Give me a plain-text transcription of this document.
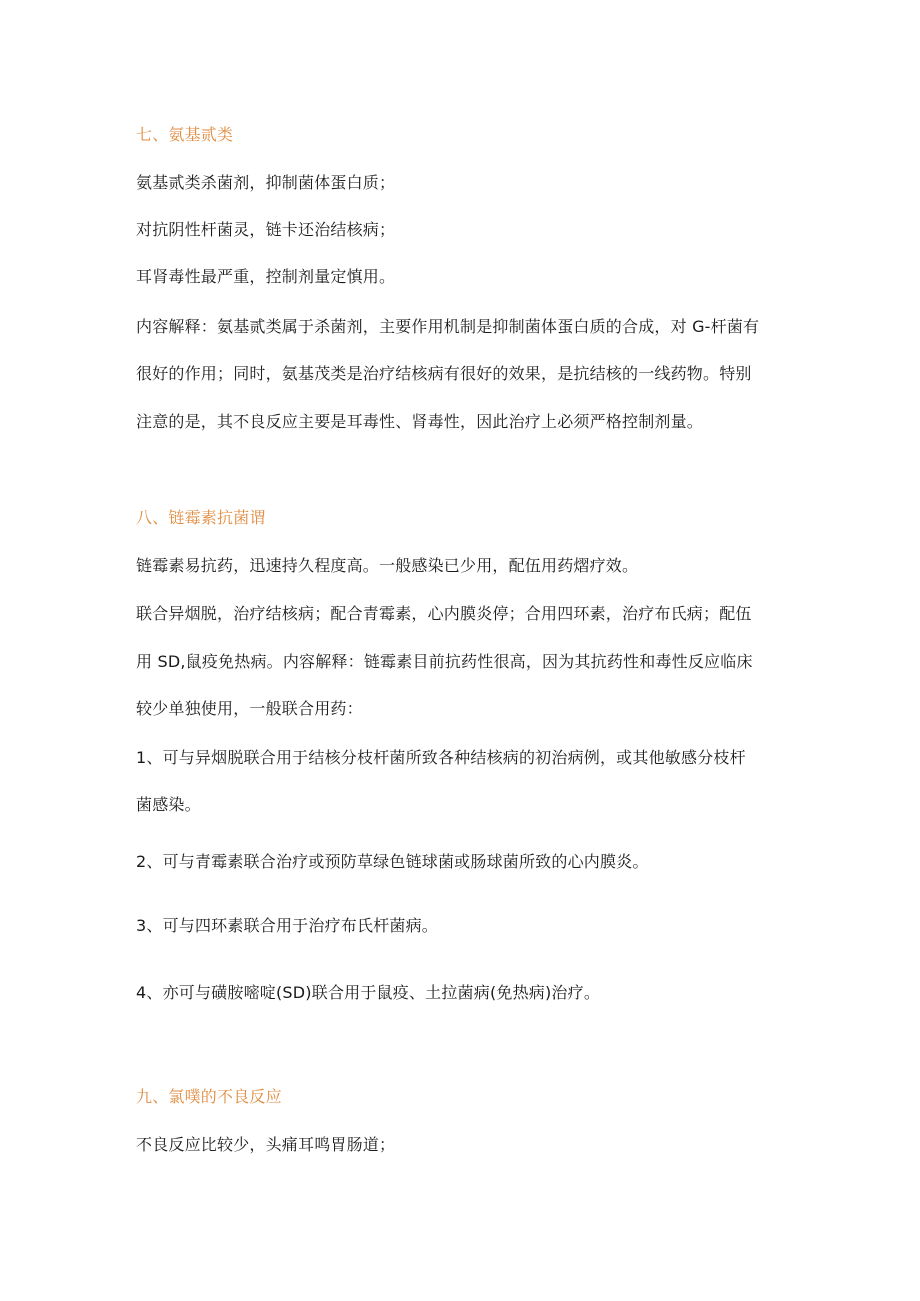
七、氨基贰类
氨基贰类杀菌剂，抑制菌体蛋白质；
对抗阴性杆菌灵，链卡还治结核病；
耳肾毒性最严重，控制剂量定慎用。
内容解释：氨基贰类属于杀菌剂，主要作用机制是抑制菌体蛋白质的合成，对 G-杆菌有
很好的作用；同时，氨基茂类是治疗结核病有很好的效果，是抗结核的一线药物。特别
注意的是，其不良反应主要是耳毒性、肾毒性，因此治疗上必须严格控制剂量。
八、链霉素抗菌谓
链霉素易抗药，迅速持久程度高。一般感染已少用，配伍用药熠疗效。
联合异烟脱，治疗结核病；配合青霉素，心内膜炎停；合用四环素，治疗布氏病；配伍
用 SD,鼠疫免热病。内容解释：链霉素目前抗药性很高，因为其抗药性和毒性反应临床
较少单独使用，一般联合用药：
1、可与异烟脱联合用于结核分枝杆菌所致各种结核病的初治病例，或其他敏感分枝杆
菌感染。
2、可与青霉素联合治疗或预防草绿色链球菌或肠球菌所致的心内膜炎。
3、可与四环素联合用于治疗布氏杆菌病。
4、亦可与磺胺嘧啶(SD)联合用于鼠疫、土拉菌病(免热病)治疗。
九、氯噗的不良反应
不良反应比较少，头痛耳鸣胃肠道；
